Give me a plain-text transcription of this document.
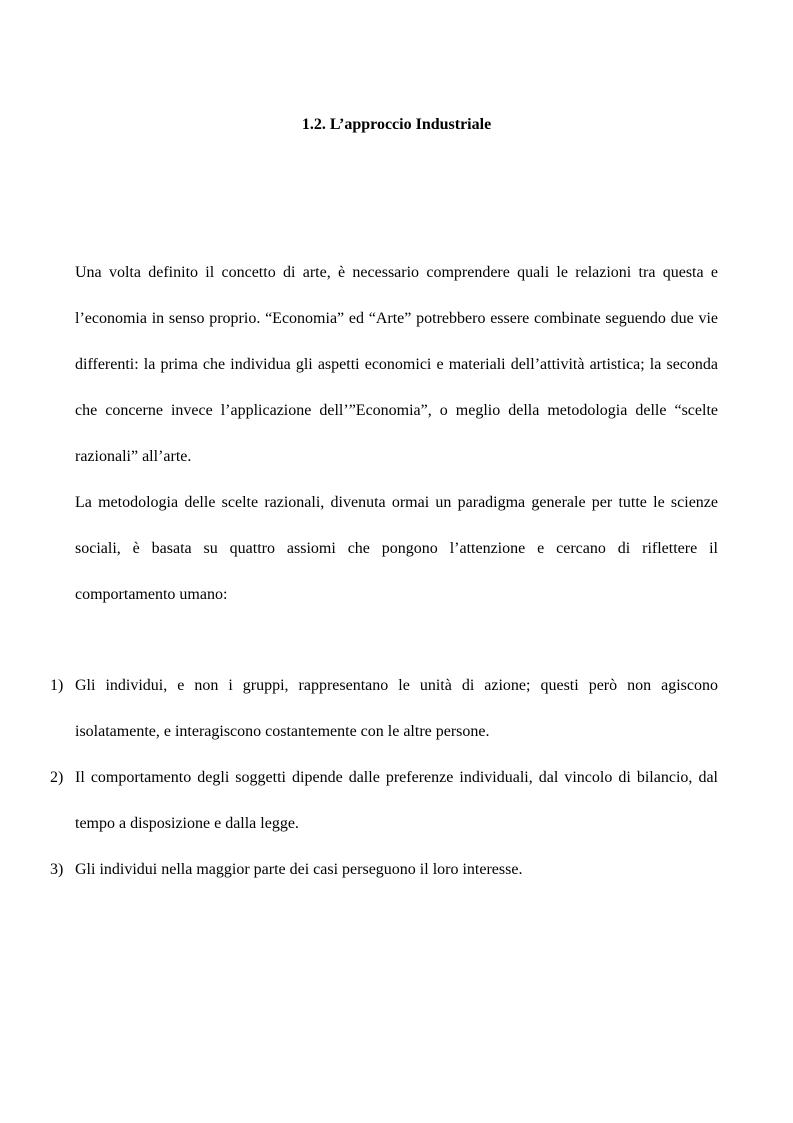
1.2. L’approccio Industriale

Una volta definito il concetto di arte, è necessario comprendere quali le relazioni tra questa e l’economia in senso proprio. “Economia” ed “Arte” potrebbero essere combinate seguendo due vie differenti: la prima che individua gli aspetti economici e materiali dell’attività artistica; la seconda che concerne invece l’applicazione dell’”Economia”, o meglio della metodologia delle “scelte razionali” all’arte.

La metodologia delle scelte razionali, divenuta ormai un paradigma generale per tutte le scienze sociali, è basata su quattro assiomi che pongono l’attenzione e cercano di riflettere il comportamento umano:

1) Gli individui, e non i gruppi, rappresentano le unità di azione; questi però non agiscono isolatamente, e interagiscono costantemente con le altre persone.
2) Il comportamento degli soggetti dipende dalle preferenze individuali, dal vincolo di bilancio, dal tempo a disposizione e dalla legge.
3) Gli individui nella maggior parte dei casi perseguono il loro interesse.
